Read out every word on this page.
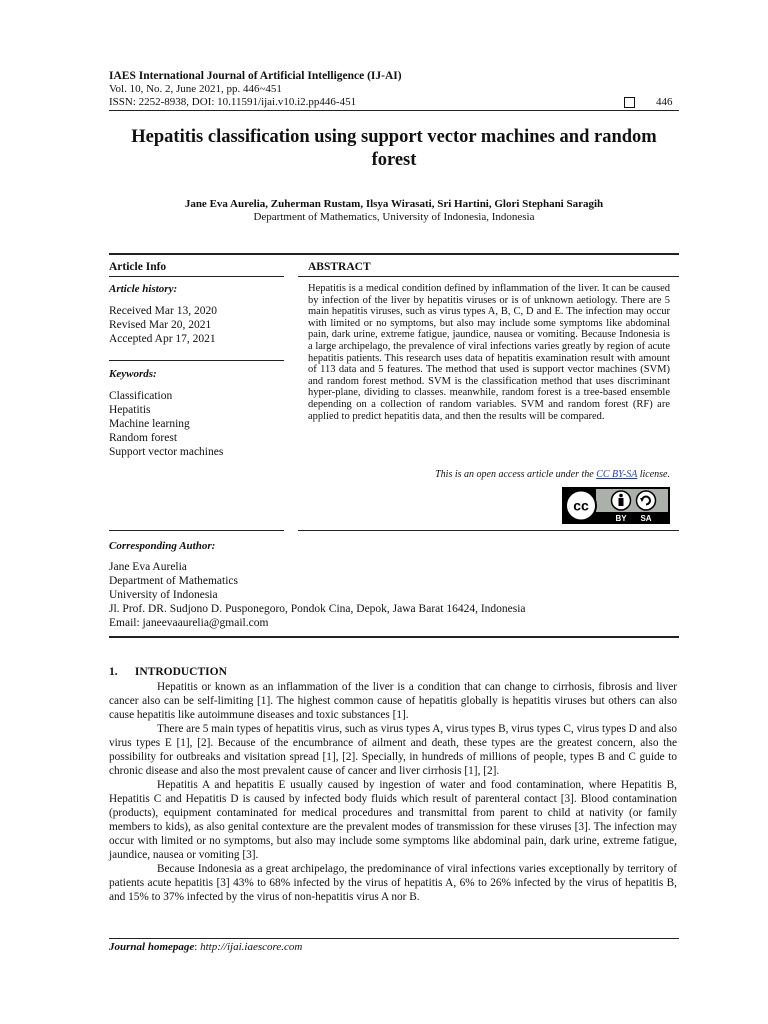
IAES International Journal of Artificial Intelligence (IJ-AI)
Vol. 10, No. 2, June 2021, pp. 446~451
ISSN: 2252-8938, DOI: 10.11591/ijai.v10.i2.pp446-451	446
Hepatitis classification using support vector machines and random forest
Jane Eva Aurelia, Zuherman Rustam, Ilsya Wirasati, Sri Hartini, Glori Stephani Saragih
Department of Mathematics, University of Indonesia, Indonesia
Article Info	ABSTRACT
Article history:
Received Mar 13, 2020
Revised Mar 20, 2021
Accepted Apr 17, 2021
Keywords:
Classification
Hepatitis
Machine learning
Random forest
Support vector machines
Hepatitis is a medical condition defined by inflammation of the liver. It can be caused by infection of the liver by hepatitis viruses or is of unknown aetiology. There are 5 main hepatitis viruses, such as virus types A, B, C, D and E. The infection may occur with limited or no symptoms, but also may include some symptoms like abdominal pain, dark urine, extreme fatigue, jaundice, nausea or vomiting. Because Indonesia is a large archipelago, the prevalence of viral infections varies greatly by region of acute hepatitis patients. This research uses data of hepatitis examination result with amount of 113 data and 5 features. The method that used is support vector machines (SVM) and random forest method. SVM is the classification method that uses discriminant hyper-plane, dividing to classes. meanwhile, random forest is a tree-based ensemble depending on a collection of random variables. SVM and random forest (RF) are applied to predict hepatitis data, and then the results will be compared.
This is an open access article under the CC BY-SA license.
cc
BY SA
Corresponding Author:
Jane Eva Aurelia
Department of Mathematics
University of Indonesia
Jl. Prof. DR. Sudjono D. Pusponegoro, Pondok Cina, Depok, Jawa Barat 16424, Indonesia
Email: janeevaaurelia@gmail.com
1.      INTRODUCTION

Hepatitis or known as an inflammation of the liver is a condition that can change to cirrhosis, fibrosis and liver cancer also can be self-limiting [1]. The highest common cause of hepatitis globally is hepatitis viruses but others can also cause hepatitis like autoimmune diseases and toxic substances [1].

There are 5 main types of hepatitis virus, such as virus types A, virus types B, virus types C, virus types D and also virus types E [1], [2]. Because of the encumbrance of ailment and death, these types are the greatest concern, also the possibility for outbreaks and visitation spread [1], [2]. Specially, in hundreds of millions of people, types B and C guide to chronic disease and also the most prevalent cause of cancer and liver cirrhosis [1], [2].

Hepatitis A and hepatitis E usually caused by ingestion of water and food contamination, where Hepatitis B, Hepatitis C and Hepatitis D is caused by infected body fluids which result of parenteral contact [3]. Blood contamination (products), equipment contaminated for medical procedures and transmittal from parent to child at nativity (or family members to kids), as also genital contexture are the prevalent modes of transmission for these viruses [3]. The infection may occur with limited or no symptoms, but also may include some symptoms like abdominal pain, dark urine, extreme fatigue, jaundice, nausea or vomiting [3].

Because Indonesia as a great archipelago, the predominance of viral infections varies exceptionally by territory of patients acute hepatitis [3] 43% to 68% infected by the virus of hepatitis A, 6% to 26% infected by the virus of hepatitis B, and 15% to 37% infected by the virus of non-hepatitis virus A nor B.

Journal homepage: http://ijai.iaescore.com
